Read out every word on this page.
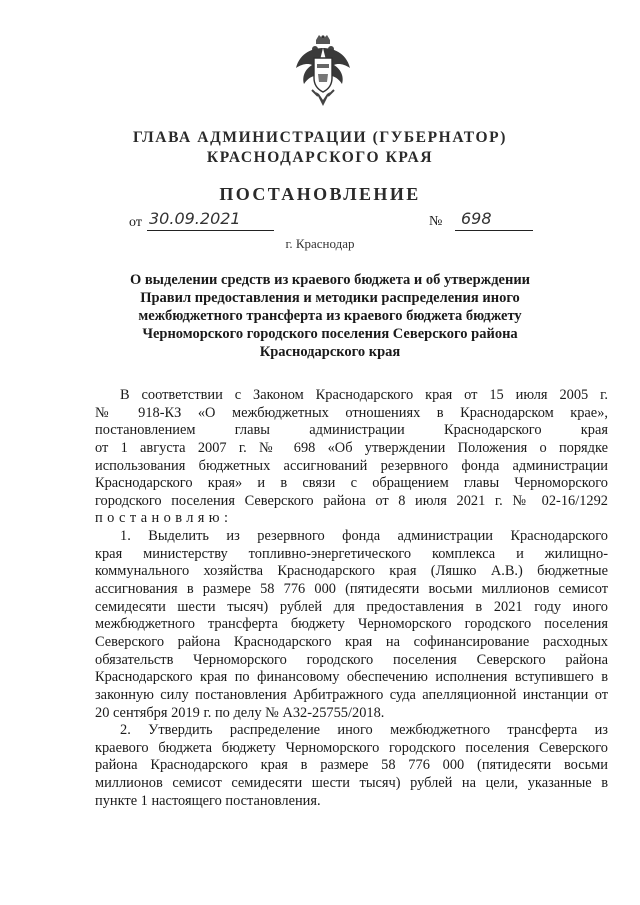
ГЛАВА АДМИНИСТРАЦИИ (ГУБЕРНАТОР)
КРАСНОДАРСКОГО КРАЯ
ПОСТАНОВЛЕНИЕ
от 30.09.2021	№	698
г. Краснодар
О выделении средств из краевого бюджета и об утверждении
Правил предоставления и методики распределения иного
межбюджетного трансферта из краевого бюджета бюджету
Черноморского городского поселения Северского района
Краснодарского края
В соответствии с Законом Краснодарского края от 15 июля 2005 г.
№ 918-КЗ «О межбюджетных отношениях в Краснодарском крае»,
постановлением главы администрации Краснодарского края
от 1 августа 2007 г. № 698 «Об утверждении Положения о порядке
использования бюджетных ассигнований резервного фонда администрации
Краснодарского края» и в связи с обращением главы Черноморского
городского поселения Северского района от 8 июля 2021 г. № 02-16/1292
постановляю:
1. Выделить из резервного фонда администрации Краснодарского
края министерству топливно-энергетического комплекса и жилищно-
коммунального хозяйства Краснодарского края (Ляшко А.В.) бюджетные
ассигнования в размере 58 776 000 (пятидесяти восьми миллионов семисот
семидесяти шести тысяч) рублей для предоставления в 2021 году иного
межбюджетного трансферта бюджету Черноморского городского поселения
Северского района Краснодарского края на софинансирование расходных
обязательств Черноморского городского поселения Северского района
Краснодарского края по финансовому обеспечению исполнения вступившего в
законную силу постановления Арбитражного суда апелляционной инстанции от
20 сентября 2019 г. по делу № А32-25755/2018.
2. Утвердить распределение иного межбюджетного трансферта из
краевого бюджета бюджету Черноморского городского поселения Северского
района Краснодарского края в размере 58 776 000 (пятидесяти восьми
миллионов семисот семидесяти шести тысяч) рублей на цели, указанные в
пункте 1 настоящего постановления.
